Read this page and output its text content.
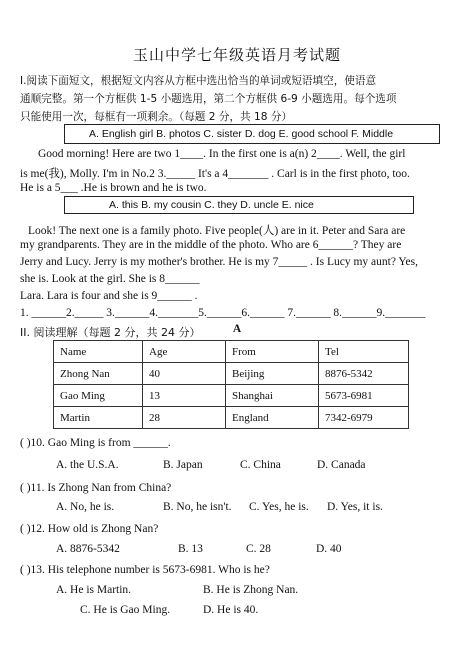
玉山中学七年级英语月考试题
Ⅰ.阅读下面短文，根据短文内容从方框中选出恰当的单词或短语填空，使语意
通顺完整。第一个方框供 1-5 小题选用，第二个方框供 6-9 小题选用。每个选项
只能使用一次，每框有一项剩余。（每题 2 分，共 18 分）
A. English girl B. photos C. sister D. dog E. good school F. Middle
Good morning! Here are two 1____. In the first one is a(n) 2____. Well, the girl
is me(我), Molly. I'm in No.2 3._____ It's a 4_______ . Carl is in the first photo, too.
He is a 5___ .He is brown and he is two.
A. this B. my cousin C. they D. uncle E. nice
Look! The next one is a family photo. Five people(人) are in it. Peter and Sara are
my grandparents. They are in the middle of the photo. Who are 6______? They are
Jerry and Lucy. Jerry is my mother's brother. He is my 7_____ . Is Lucy my aunt? Yes,
she is. Look at the girl. She is 8______
Lara. Lara is four and she is 9______ .
1. ______2._____ 3.______4._______5.______6.______ 7.______ 8.______9._______
II. 阅读理解（每题 2 分，共 24 分）	A
Name	Age	From	Tel
Zhong Nan	40	Beijing	8876-5342
Gao Ming	13	Shanghai	5673-6981
Martin	28	England	7342-6979
( )10. Gao Ming is from ______.
A. the U.S.A.	B. Japan	C. China	D. Canada
( )11. Is Zhong Nan from China?
A. No, he is.	B. No, he isn't. C. Yes, he is. D. Yes, it is.
( )12. How old is Zhong Nan?
A. 8876-5342	B. 13	C. 28	D. 40
( )13. His telephone number is 5673-6981. Who is he?
A. He is Martin.	B. He is Zhong Nan.
C. He is Gao Ming.	D. He is 40.
